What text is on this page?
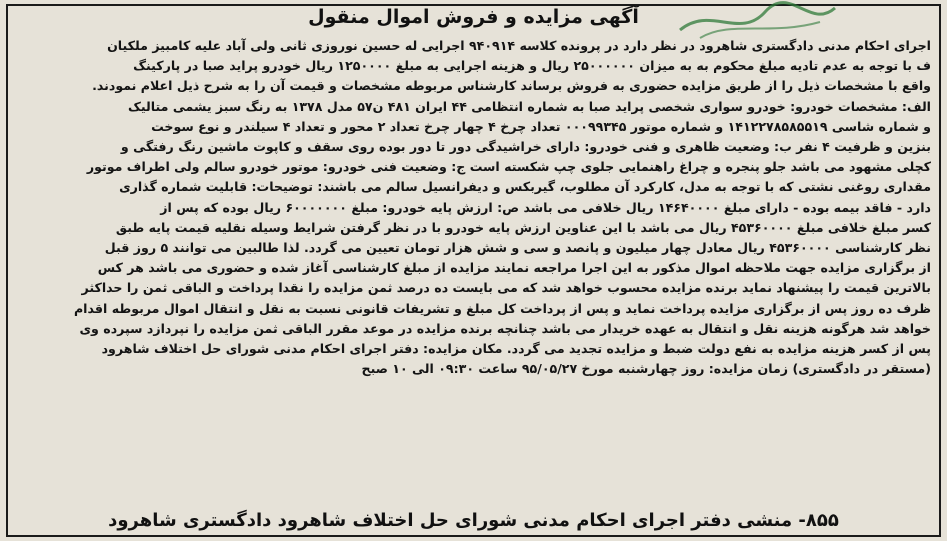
آگهی مزایده و فروش اموال منقول
اجرای احکام مدنی دادگستری شاهرود در نظر دارد در پرونده کلاسه ۹۴۰۹۱۴ اجرایی له حسین نوروزی ثانی ولی آباد علیه کامبیز ملکیان
ف با توجه به عدم تادیه مبلغ محکوم به به میزان ۲۵۰۰۰۰۰۰ ریال و هزینه اجرایی به مبلغ ۱۲۵۰۰۰۰ ریال خودرو پراید صبا در پارکینگ
واقع با مشخصات ذیل را از طریق مزایده حضوری به فروش برساند کارشناس مربوطه مشخصات و قیمت آن را به شرح ذیل اعلام نمودند.
الف: مشخصات خودرو: خودرو سواری شخصی پراید صبا به شماره انتظامی ۴۴ ایران ۴۸۱ ن۵۷ مدل ۱۳۷۸ به رنگ سبز یشمی متالیک
و شماره شاسی ۱۴۱۲۲۷۸۵۸۵۵۱۹ و شماره موتور ۰۰۰۹۹۳۴۵ تعداد چرخ ۴ چهار چرخ تعداد ۲ محور و تعداد ۴ سیلندر و نوع سوخت
بنزین و ظرفیت ۴ نفر ب: وضعیت ظاهری و فنی خودرو: دارای خراشیدگی دور تا دور بوده روی سقف و کاپوت ماشین رنگ رفتگی و
کچلی مشهود می باشد جلو پنجره و چراغ راهنمایی جلوی چپ شکسته است ج: وضعیت فنی خودرو: موتور خودرو سالم ولی اطراف موتور
مقداری روغنی نشتی که با توجه به مدل، کارکرد آن مطلوب، گیربکس و دیفرانسیل سالم می باشند: توضیحات: قابلیت شماره گذاری
دارد - فاقد بیمه بوده - دارای مبلغ ۱۴۶۴۰۰۰۰ ریال خلافی می باشد ص: ارزش پایه خودرو: مبلغ ۶۰۰۰۰۰۰۰ ریال بوده که پس از
کسر مبلغ خلافی مبلغ ۴۵۳۶۰۰۰۰ ریال می باشد با این عناوین ارزش پایه خودرو با در نظر گرفتن شرایط وسیله نقلیه قیمت پایه طبق
نظر کارشناسی ۴۵۳۶۰۰۰۰ ریال معادل چهار میلیون و پانصد و سی و شش هزار تومان تعیین می گردد. لذا طالبین می توانند ۵ روز قبل
از برگزاری مزایده جهت ملاحظه اموال مذکور به این اجرا مراجعه نمایند مزایده از مبلغ کارشناسی آغاز شده و حضوری می باشد هر کس
بالاترین قیمت را پیشنهاد نماید برنده مزایده محسوب خواهد شد که می بایست ده درصد ثمن مزایده را نقدا پرداخت و الباقی ثمن را حداکثر
ظرف ده روز پس از برگزاری مزایده پرداخت نماید و پس از پرداخت کل مبلغ و تشریفات قانونی نسبت به نقل و انتقال اموال مربوطه اقدام
خواهد شد هرگونه هزینه نقل و انتقال به عهده خریدار می باشد چنانچه برنده مزایده در موعد مقرر الباقی ثمن مزایده را نپردازد سپرده وی
پس از کسر هزینه مزایده به نفع دولت ضبط و مزایده تجدید می گردد. مکان مزایده: دفتر اجرای احکام مدنی شورای حل اختلاف شاهرود
(مستقر در دادگستری) زمان مزایده: روز چهارشنبه مورخ ۹۵/۰۵/۲۷ ساعت ۰۹:۳۰ الی ۱۰ صبح
۸۵۵- منشی دفتر اجرای احکام مدنی شورای حل اختلاف شاهرود دادگستری شاهرود
